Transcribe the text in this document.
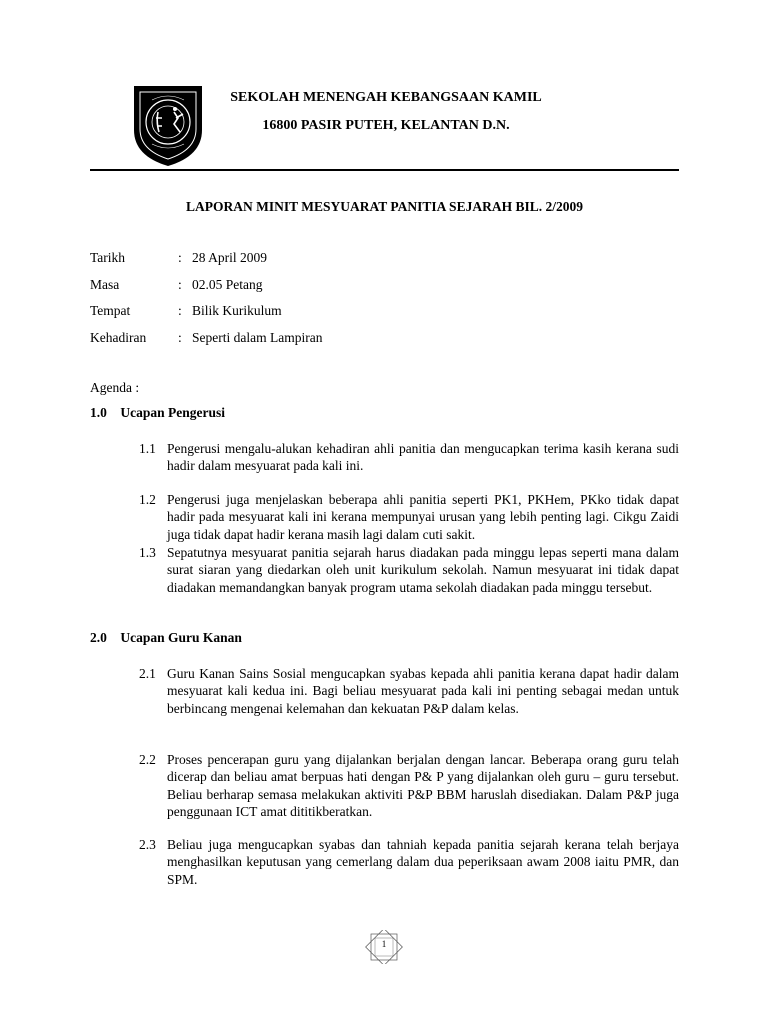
SEKOLAH MENENGAH KEBANGSAAN KAMIL
16800 PASIR PUTEH, KELANTAN D.N.
LAPORAN MINIT MESYUARAT PANITIA SEJARAH BIL. 2/2009
Tarikh	: 28 April 2009
Masa	: 02.05 Petang
Tempat	: Bilik Kurikulum
Kehadiran	: Seperti dalam Lampiran
Agenda :
1.0 Ucapan Pengerusi
1.1 Pengerusi mengalu-alukan kehadiran ahli panitia dan mengucapkan terima kasih kerana sudi hadir dalam mesyuarat pada kali ini.
1.2 Pengerusi juga menjelaskan beberapa ahli panitia seperti PK1, PKHem, PKko tidak dapat hadir pada mesyuarat kali ini kerana mempunyai urusan yang lebih penting lagi. Cikgu Zaidi juga tidak dapat hadir kerana masih lagi dalam cuti sakit.
1.3 Sepatutnya mesyuarat panitia sejarah harus diadakan pada minggu lepas seperti mana dalam surat siaran yang diedarkan oleh unit kurikulum sekolah. Namun mesyuarat ini tidak dapat diadakan memandangkan banyak program utama sekolah diadakan pada minggu tersebut.
2.0 Ucapan Guru Kanan
2.1 Guru Kanan Sains Sosial mengucapkan syabas kepada ahli panitia kerana dapat hadir dalam mesyuarat kali kedua ini. Bagi beliau mesyuarat pada kali ini penting sebagai medan untuk berbincang mengenai kelemahan dan kekuatan P&P dalam kelas.
2.2 Proses pencerapan guru yang dijalankan berjalan dengan lancar. Beberapa orang guru telah dicerap dan beliau amat berpuas hati dengan P& P yang dijalankan oleh guru – guru tersebut. Beliau berharap semasa melakukan aktiviti P&P BBM haruslah disediakan. Dalam P&P juga penggunaan ICT amat dititikberatkan.
2.3 Beliau juga mengucapkan syabas dan tahniah kepada panitia sejarah kerana telah berjaya menghasilkan keputusan yang cemerlang dalam dua peperiksaan awam 2008 iaitu PMR, dan SPM.
1
